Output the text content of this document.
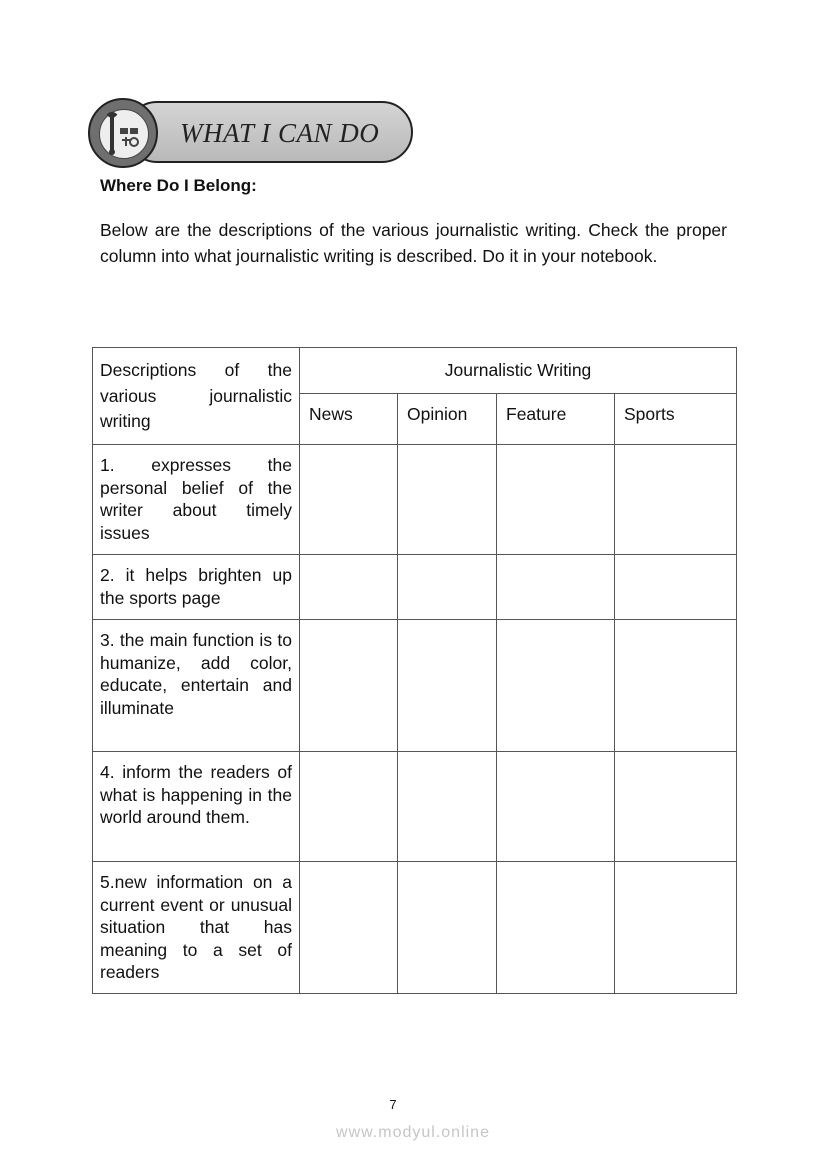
WHAT I CAN DO
Where Do I Belong:
Below are the descriptions of the various journalistic writing. Check the proper column into what journalistic writing is described. Do it in your notebook.
Descriptions of the various journalistic writing	Journalistic Writing			
	News	Opinion	Feature	Sports
1. expresses the personal belief of the writer about timely issues				
2. it helps brighten up the sports page				
3. the main function is to humanize, add color, educate, entertain and illuminate				
4. inform the readers of what is happening in the world around them.				
5.new information on a current event or unusual situation that has meaning to a set of readers				
7
www.modyul.online
